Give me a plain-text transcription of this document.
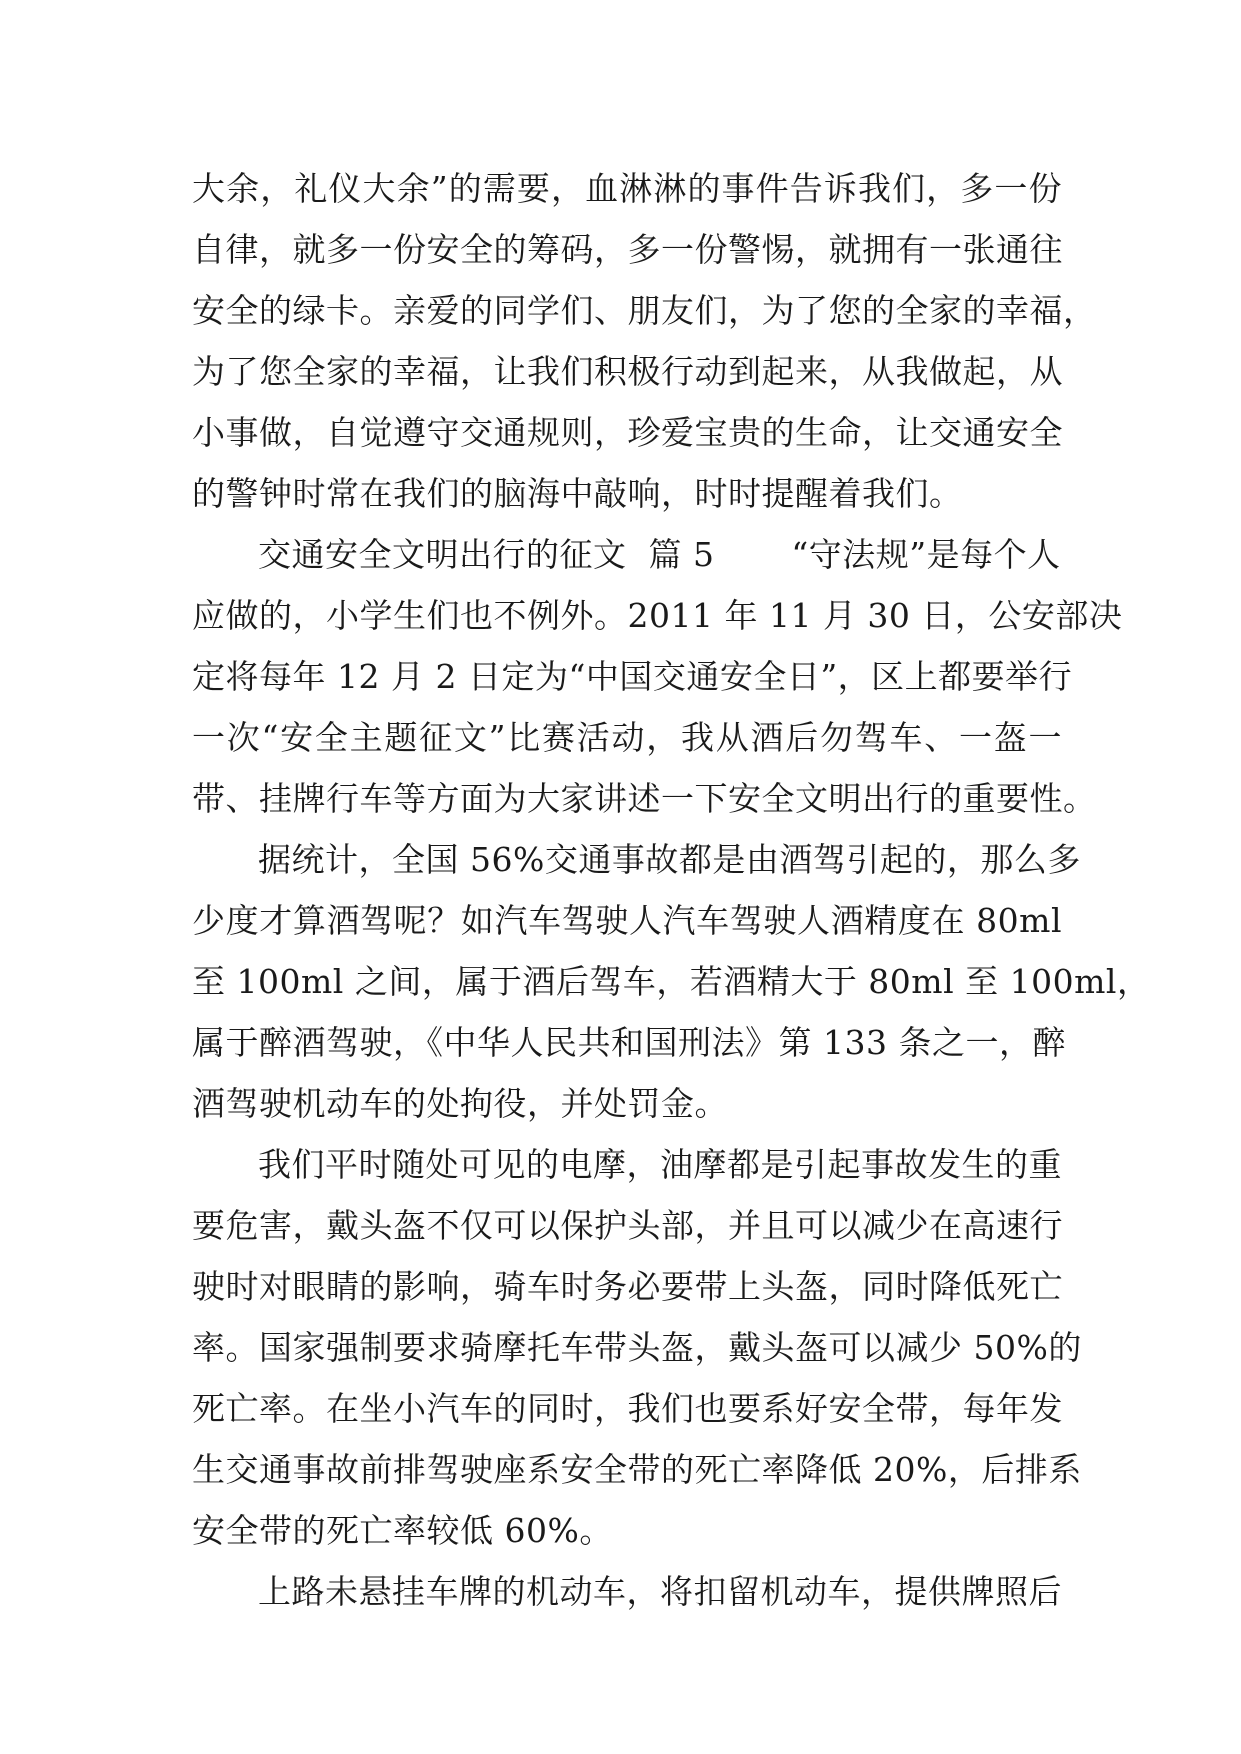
大余，礼仪大余”的需要，血淋淋的事件告诉我们，多一份
自律，就多一份安全的筹码，多一份警惕，就拥有一张通往
安全的绿卡。亲爱的同学们、朋友们，为了您的全家的幸福，
为了您全家的幸福，让我们积极行动到起来，从我做起，从
小事做，自觉遵守交通规则，珍爱宝贵的生命，让交通安全
的警钟时常在我们的脑海中敲响，时时提醒着我们。
交通安全文明出行的征文  篇 5       “守法规”是每个人
应做的，小学生们也不例外。2011 年 11 月 30 日，公安部决
定将每年 12 月 2 日定为“中国交通安全日”，区上都要举行
一次“安全主题征文”比赛活动，我从酒后勿驾车、一盔一
带、挂牌行车等方面为大家讲述一下安全文明出行的重要性。
据统计，全国 56%交通事故都是由酒驾引起的，那么多
少度才算酒驾呢？如汽车驾驶人汽车驾驶人酒精度在 80ml
至 100ml 之间，属于酒后驾车，若酒精大于 80ml 至 100ml，
属于醉酒驾驶，《中华人民共和国刑法》第 133 条之一，醉
酒驾驶机动车的处拘役，并处罚金。
我们平时随处可见的电摩，油摩都是引起事故发生的重
要危害，戴头盔不仅可以保护头部，并且可以减少在高速行
驶时对眼睛的影响，骑车时务必要带上头盔，同时降低死亡
率。国家强制要求骑摩托车带头盔，戴头盔可以减少 50%的
死亡率。在坐小汽车的同时，我们也要系好安全带，每年发
生交通事故前排驾驶座系安全带的死亡率降低 20%，后排系
安全带的死亡率较低 60%。
上路未悬挂车牌的机动车，将扣留机动车，提供牌照后
